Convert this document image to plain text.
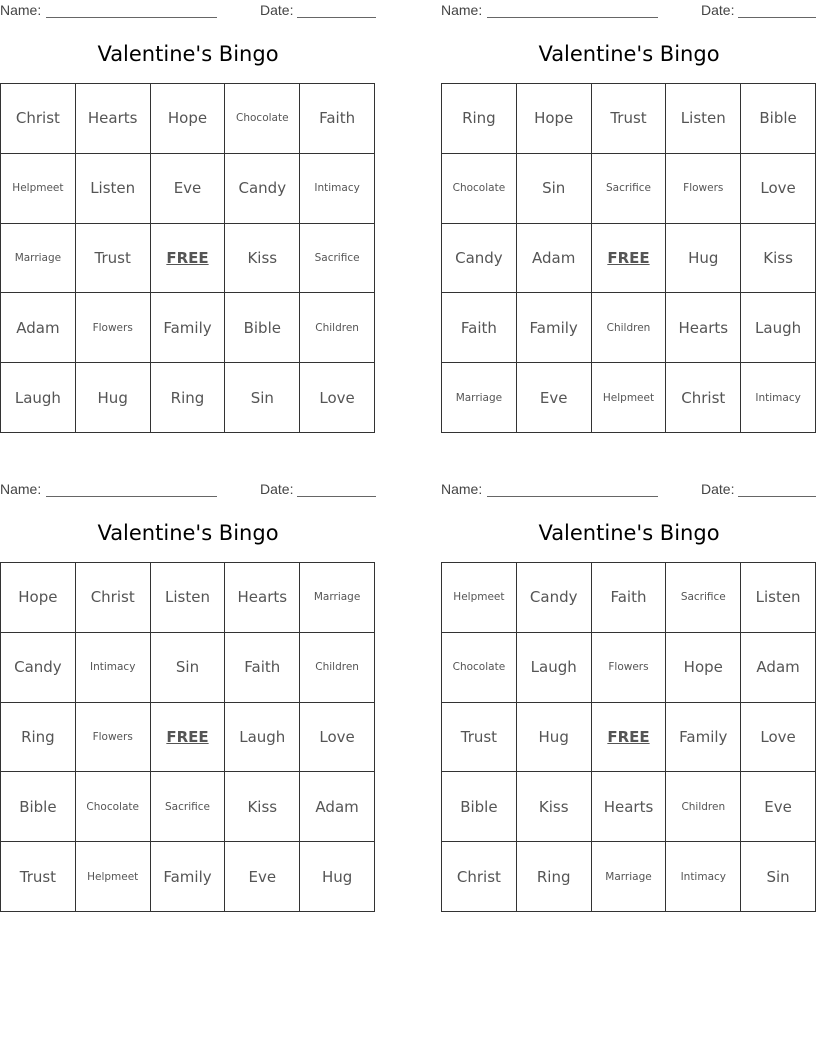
Name:	Date:
Valentine's Bingo
Christ	Hearts	Hope	Chocolate	Faith
Helpmeet	Listen	Eve	Candy	Intimacy
Marriage	Trust	FREE	Kiss	Sacrifice
Adam	Flowers	Family	Bible	Children
Laugh	Hug	Ring	Sin	Love
Name:	Date:
Valentine's Bingo
Ring	Hope	Trust	Listen	Bible
Chocolate	Sin	Sacrifice	Flowers	Love
Candy	Adam	FREE	Hug	Kiss
Faith	Family	Children	Hearts	Laugh
Marriage	Eve	Helpmeet	Christ	Intimacy
Name:	Date:
Valentine's Bingo
Hope	Christ	Listen	Hearts	Marriage
Candy	Intimacy	Sin	Faith	Children
Ring	Flowers	FREE	Laugh	Love
Bible	Chocolate	Sacrifice	Kiss	Adam
Trust	Helpmeet	Family	Eve	Hug
Name:	Date:
Valentine's Bingo
Helpmeet	Candy	Faith	Sacrifice	Listen
Chocolate	Laugh	Flowers	Hope	Adam
Trust	Hug	FREE	Family	Love
Bible	Kiss	Hearts	Children	Eve
Christ	Ring	Marriage	Intimacy	Sin
